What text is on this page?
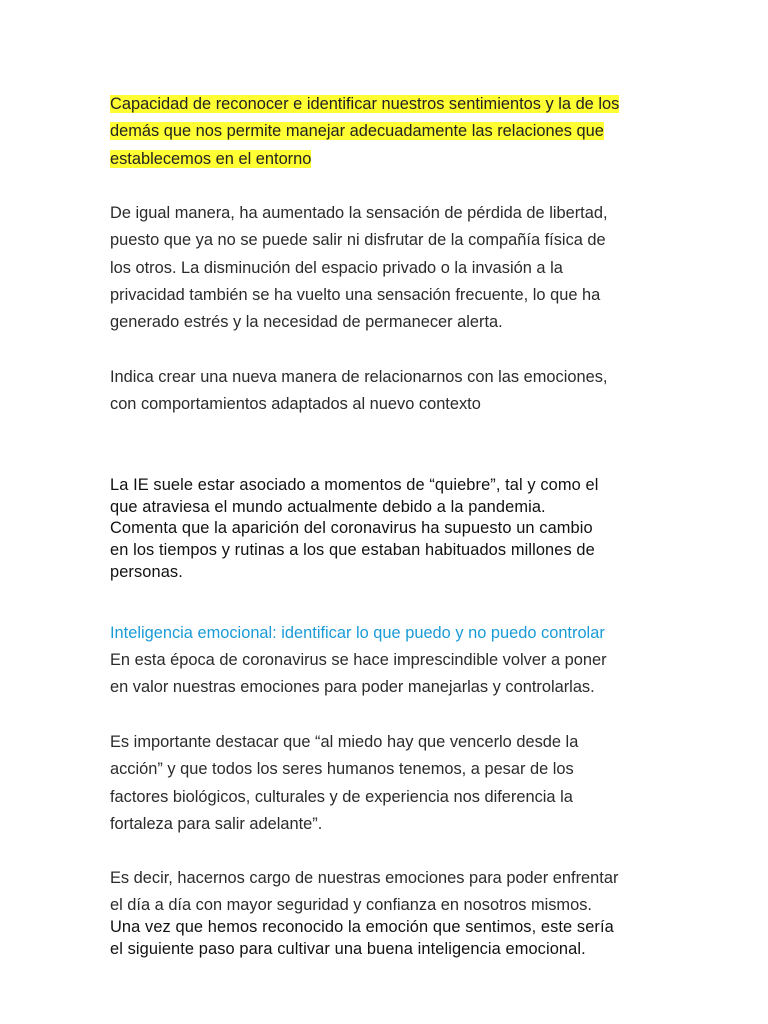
Capacidad de reconocer e identificar nuestros sentimientos y la de los
demás que nos permite manejar adecuadamente las relaciones que
establecemos en el entorno
De igual manera, ha aumentado la sensación de pérdida de libertad,
puesto que ya no se puede salir ni disfrutar de la compañía física de
los otros. La disminución del espacio privado o la invasión a la
privacidad también se ha vuelto una sensación frecuente, lo que ha
generado estrés y la necesidad de permanecer alerta.
Indica crear una nueva manera de relacionarnos con las emociones,
con comportamientos adaptados al nuevo contexto
La IE suele estar asociado a momentos de “quiebre”, tal y como el
que atraviesa el mundo actualmente debido a la pandemia.
Comenta que la aparición del coronavirus ha supuesto un cambio
en los tiempos y rutinas a los que estaban habituados millones de
personas.
Inteligencia emocional: identificar lo que puedo y no puedo controlar
En esta época de coronavirus se hace imprescindible volver a poner
en valor nuestras emociones para poder manejarlas y controlarlas.
Es importante destacar que “al miedo hay que vencerlo desde la
acción” y que todos los seres humanos tenemos, a pesar de los
factores biológicos, culturales y de experiencia nos diferencia la
fortaleza para salir adelante”.
Es decir, hacernos cargo de nuestras emociones para poder enfrentar
el día a día con mayor seguridad y confianza en nosotros mismos.
Una vez que hemos reconocido la emoción que sentimos, este sería
el siguiente paso para cultivar una buena inteligencia emocional.
